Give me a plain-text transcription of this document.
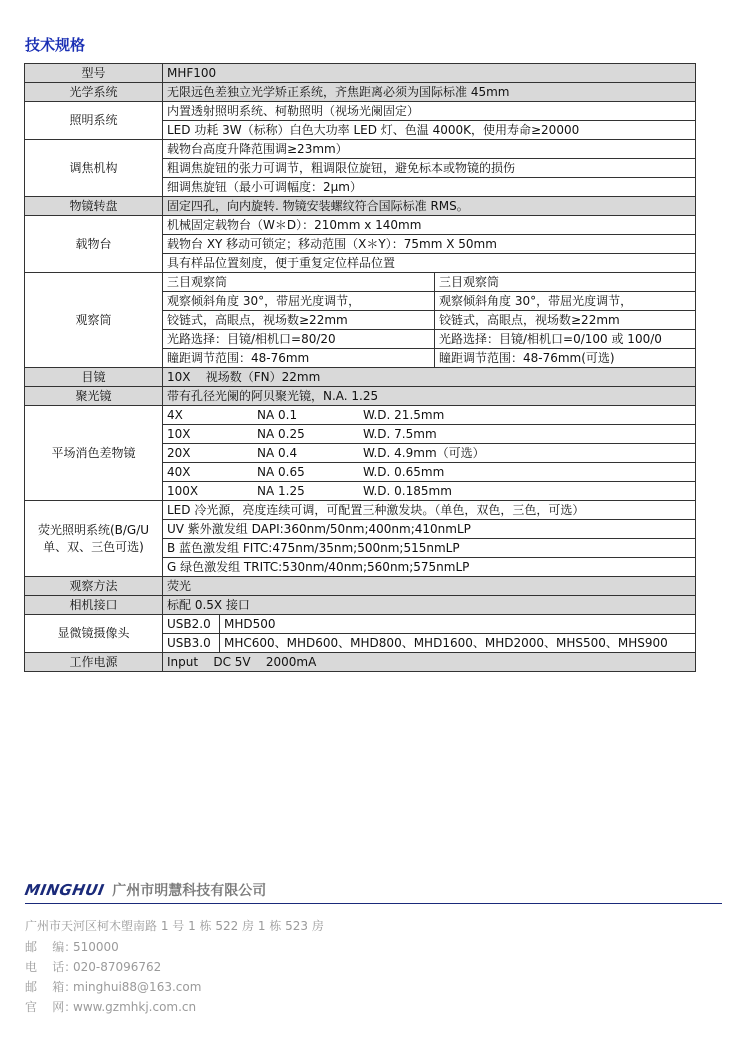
技术规格
型号	MHF100		
光学系统	无限远色差独立光学矫正系统，齐焦距离必须为国际标准 45mm		
照明系统	内置透射照明系统、柯勒照明（视场光阑固定）		
	LED 功耗 3W（标称）白色大功率 LED 灯、色温 4000K，使用寿命≥20000		
调焦机构	载物台高度升降范围调≥23mm）		
	粗调焦旋钮的张力可调节，粗调限位旋钮，避免标本或物镜的损伤		
	细调焦旋钮（最小可调幅度：2μm）		
物镜转盘	固定四孔，向内旋转. 物镜安装螺纹符合国际标准 RMS。		
载物台	机械固定载物台（W＊D）：210mm x 140mm		
	载物台 XY 移动可锁定；移动范围（X＊Y）：75mm X 50mm		
	具有样品位置刻度，便于重复定位样品位置		
观察筒	三目观察筒		三目观察筒
	观察倾斜角度 30°，带屈光度调节，		观察倾斜角度 30°，带屈光度调节，
	铰链式，高眼点，视场数≥22mm		铰链式，高眼点，视场数≥22mm
	光路选择：目镜/相机口=80/20		光路选择：目镜/相机口=0/100 或 100/0
	瞳距调节范围：48-76mm		瞳距调节范围：48-76mm(可选)
目镜	10X    视场数（FN）22mm		
聚光镜	带有孔径光阑的阿贝聚光镜，N.A. 1.25		
平场消色差物镜	4X NA 0.1 W.D. 21.5mm		
	10X NA 0.25 W.D. 7.5mm		
	20X NA 0.4 W.D. 4.9mm（可选）		
	40X NA 0.65 W.D. 0.65mm		
	100X NA 1.25 W.D. 0.185mm		
荧光照明系统(B/G/U 单、双、三色可选)	LED 冷光源，亮度连续可调，可配置三种激发块。（单色，双色，三色，可选）		
	UV 紫外激发组 DAPI:360nm/50nm;400nm;410nmLP		
	B 蓝色激发组 FITC:475nm/35nm;500nm;515nmLP		
	G 绿色激发组 TRITC:530nm/40nm;560nm;575nmLP		
观察方法	荧光		
相机接口	标配 0.5X 接口		
显微镜摄像头	USB2.0	MHD500	
	USB3.0	MHC600、MHD600、MHD800、MHD1600、MHD2000、MHS500、MHS900	
工作电源	Input    DC 5V    2000mA		
MINGHUI 广州市明慧科技有限公司
广州市天河区柯木塱南路 1 号 1 栋 522 房 1 栋 523 房
邮    编：510000
电    话：020-87096762
邮    箱：minghui88@163.com
官    网：www.gzmhkj.com.cn
